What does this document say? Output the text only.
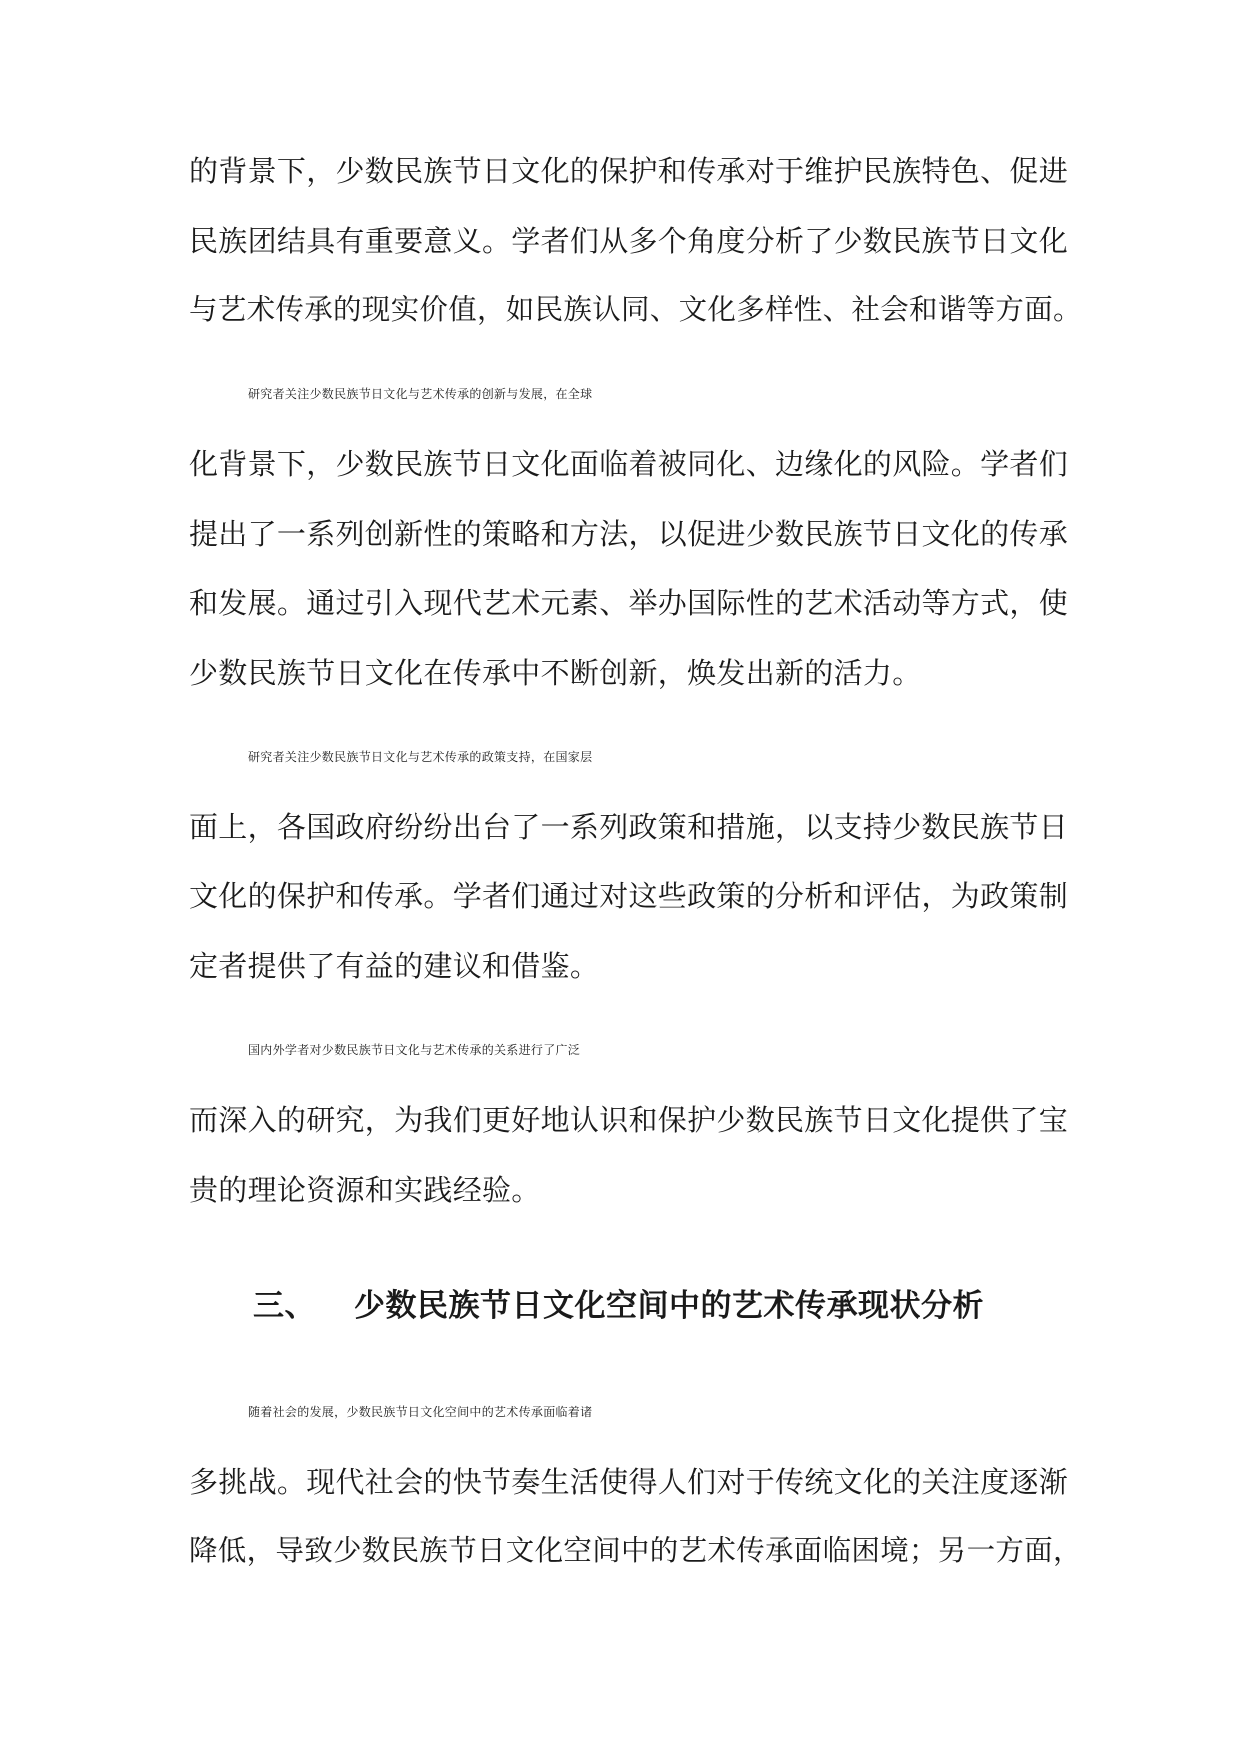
的背景下，少数民族节日文化的保护和传承对于维护民族特色、促进
民族团结具有重要意义。学者们从多个角度分析了少数民族节日文化
与艺术传承的现实价值，如民族认同、文化多样性、社会和谐等方面。
研究者关注少数民族节日文化与艺术传承的创新与发展，在全球
化背景下，少数民族节日文化面临着被同化、边缘化的风险。学者们
提出了一系列创新性的策略和方法，以促进少数民族节日文化的传承
和发展。通过引入现代艺术元素、举办国际性的艺术活动等方式，使
少数民族节日文化在传承中不断创新，焕发出新的活力。
研究者关注少数民族节日文化与艺术传承的政策支持，在国家层
面上，各国政府纷纷出台了一系列政策和措施，以支持少数民族节日
文化的保护和传承。学者们通过对这些政策的分析和评估，为政策制
定者提供了有益的建议和借鉴。
国内外学者对少数民族节日文化与艺术传承的关系进行了广泛
而深入的研究，为我们更好地认识和保护少数民族节日文化提供了宝
贵的理论资源和实践经验。
三、 少数民族节日文化空间中的艺术传承现状分析
随着社会的发展，少数民族节日文化空间中的艺术传承面临着诸
多挑战。现代社会的快节奏生活使得人们对于传统文化的关注度逐渐
降低，导致少数民族节日文化空间中的艺术传承面临困境；另一方面，
